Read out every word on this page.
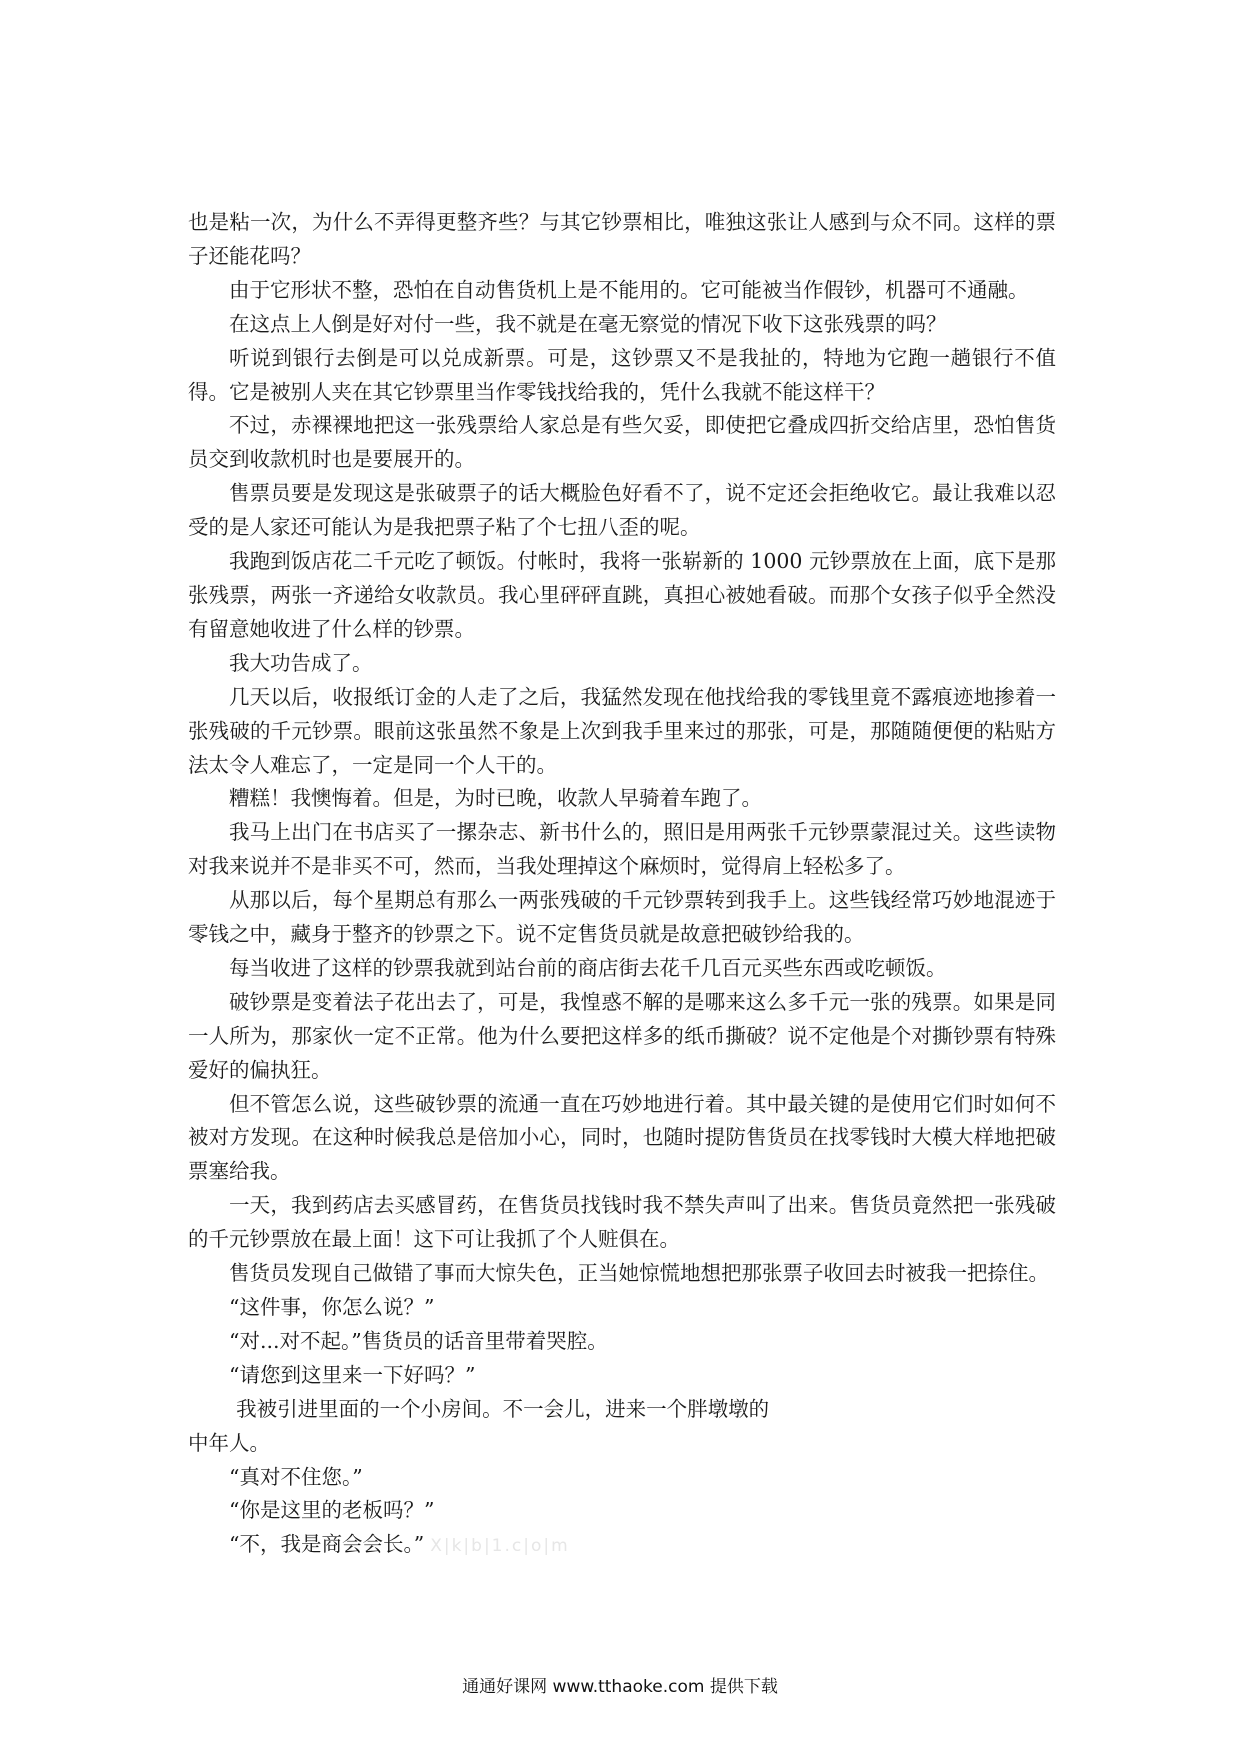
也是粘一次，为什么不弄得更整齐些？与其它钞票相比，唯独这张让人感到与众不同。这样的票子还能花吗？

由于它形状不整，恐怕在自动售货机上是不能用的。它可能被当作假钞，机器可不通融。

在这点上人倒是好对付一些，我不就是在毫无察觉的情况下收下这张残票的吗？

听说到银行去倒是可以兑成新票。可是，这钞票又不是我扯的，特地为它跑一趟银行不值得。它是被别人夹在其它钞票里当作零钱找给我的，凭什么我就不能这样干？

不过，赤裸裸地把这一张残票给人家总是有些欠妥，即使把它叠成四折交给店里，恐怕售货员交到收款机时也是要展开的。

售票员要是发现这是张破票子的话大概脸色好看不了，说不定还会拒绝收它。最让我难以忍受的是人家还可能认为是我把票子粘了个七扭八歪的呢。

我跑到饭店花二千元吃了顿饭。付帐时，我将一张崭新的 1000 元钞票放在上面，底下是那张残票，两张一齐递给女收款员。我心里砰砰直跳，真担心被她看破。而那个女孩子似乎全然没有留意她收进了什么样的钞票。

我大功告成了。

几天以后，收报纸订金的人走了之后，我猛然发现在他找给我的零钱里竟不露痕迹地掺着一张残破的千元钞票。眼前这张虽然不象是上次到我手里来过的那张，可是，那随随便便的粘贴方法太令人难忘了，一定是同一个人干的。

糟糕！我懊悔着。但是，为时已晚，收款人早骑着车跑了。

我马上出门在书店买了一摞杂志、新书什么的，照旧是用两张千元钞票蒙混过关。这些读物对我来说并不是非买不可，然而，当我处理掉这个麻烦时，觉得肩上轻松多了。

从那以后，每个星期总有那么一两张残破的千元钞票转到我手上。这些钱经常巧妙地混迹于零钱之中，藏身于整齐的钞票之下。说不定售货员就是故意把破钞给我的。

每当收进了这样的钞票我就到站台前的商店街去花千几百元买些东西或吃顿饭。

破钞票是变着法子花出去了，可是，我惶惑不解的是哪来这么多千元一张的残票。如果是同一人所为，那家伙一定不正常。他为什么要把这样多的纸币撕破？说不定他是个对撕钞票有特殊爱好的偏执狂。

但不管怎么说，这些破钞票的流通一直在巧妙地进行着。其中最关键的是使用它们时如何不被对方发现。在这种时候我总是倍加小心，同时，也随时提防售货员在找零钱时大模大样地把破票塞给我。

一天，我到药店去买感冒药，在售货员找钱时我不禁失声叫了出来。售货员竟然把一张残破的千元钞票放在最上面！这下可让我抓了个人赃俱在。

售货员发现自己做错了事而大惊失色，正当她惊慌地想把那张票子收回去时被我一把捺住。

“这件事，你怎么说？”

“对...对不起。”售货员的话音里带着哭腔。

“请您到这里来一下好吗？”

我被引进里面的一个小房间。不一会儿，进来一个胖墩墩的

中年人。

“真对不住您。”

“你是这里的老板吗？”

“不，我是商会会长。” X|k|b|1.c|o|m

通通好课网 www.tthaoke.com 提供下载
